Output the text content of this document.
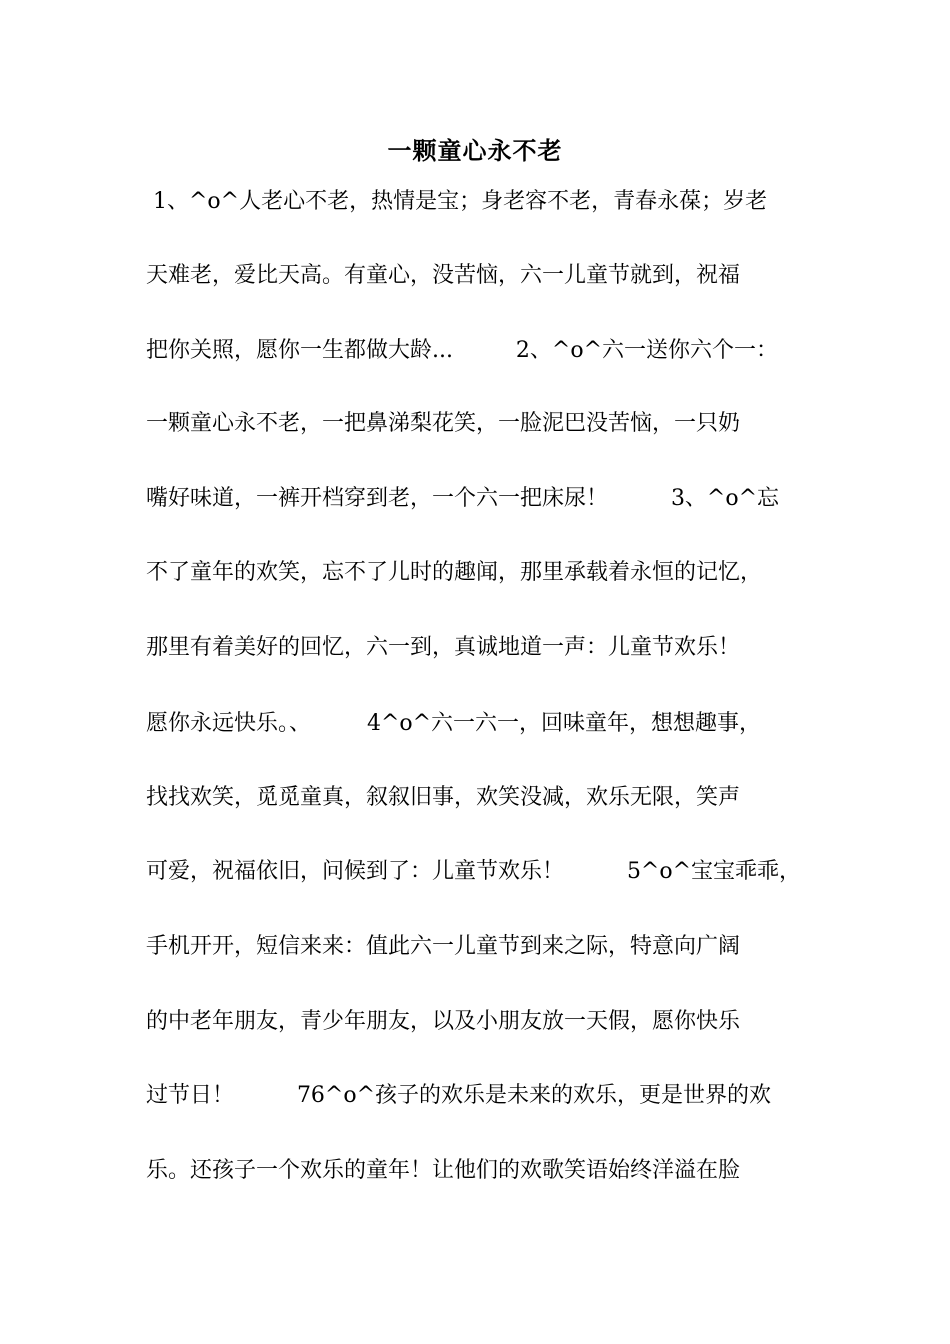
一颗童心永不老
1、^o^人老心不老，热情是宝；身老容不老，青春永葆；岁老
天难老，爱比天高。有童心，没苦恼，六一儿童节就到，祝福
把你关照，愿你一生都做大龄...         2、^o^六一送你六个一：
一颗童心永不老，一把鼻涕梨花笑，一脸泥巴没苦恼，一只奶
嘴好味道，一裤开档穿到老，一个六一把床尿！         3、^o^忘
不了童年的欢笑，忘不了儿时的趣闻，那里承载着永恒的记忆，
那里有着美好的回忆，六一到，真诚地道一声：儿童节欢乐！
愿你永远快乐。、        4^o^六一六一，回味童年，想想趣事，
找找欢笑，觅觅童真，叙叙旧事，欢笑没减，欢乐无限，笑声
可爱，祝福依旧，问候到了：儿童节欢乐！         5^o^宝宝乖乖，
手机开开，短信来来：值此六一儿童节到来之际，特意向广阔
的中老年朋友，青少年朋友，以及小朋友放一天假，愿你快乐
过节日！         76^o^孩子的欢乐是未来的欢乐，更是世界的欢
乐。还孩子一个欢乐的童年！让他们的欢歌笑语始终洋溢在脸
